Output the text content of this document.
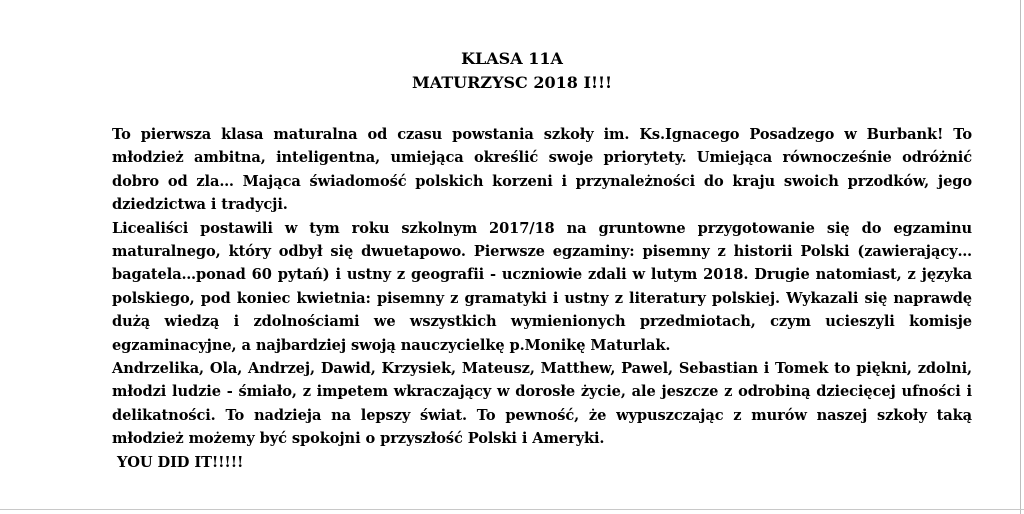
KLASA 11A
MATURZYSC 2018 I!!!

To pierwsza klasa maturalna od czasu powstania szkoły im. Ks.Ignacego Posadzego w Burbank! To młodzież ambitna, inteligentna, umiejąca określić swoje priorytety. Umiejąca równocześnie odróżnić dobro od zla… Mająca świadomość polskich korzeni i przynależności do kraju swoich przodków, jego dziedzictwa i tradycji.

Licealiści postawili w tym roku szkolnym 2017/18 na gruntowne przygotowanie się do egzaminu maturalnego, który odbył się dwuetapowo. Pierwsze egzaminy: pisemny z historii Polski (zawierający… bagatela…ponad 60 pytań) i ustny z geografii - uczniowie zdali w lutym 2018. Drugie natomiast, z języka polskiego, pod koniec kwietnia: pisemny z gramatyki i ustny z literatury polskiej. Wykazali się naprawdę dużą wiedzą i zdolnościami we wszystkich wymienionych przedmiotach, czym ucieszyli komisje egzaminacyjne, a najbardziej swoją nauczycielkę p.Monikę Maturlak.

Andrzelika, Ola, Andrzej, Dawid, Krzysiek, Mateusz, Matthew, Pawel, Sebastian i Tomek to piękni, zdolni, młodzi ludzie - śmiało, z impetem wkraczający w dorosłe życie, ale jeszcze z odrobiną dziecięcej ufności i delikatności. To nadzieja na lepszy świat. To pewność, że wypuszczając z murów naszej szkoły taką młodzież możemy być spokojni o przyszłość Polski i Ameryki.

YOU DID IT!!!!!
